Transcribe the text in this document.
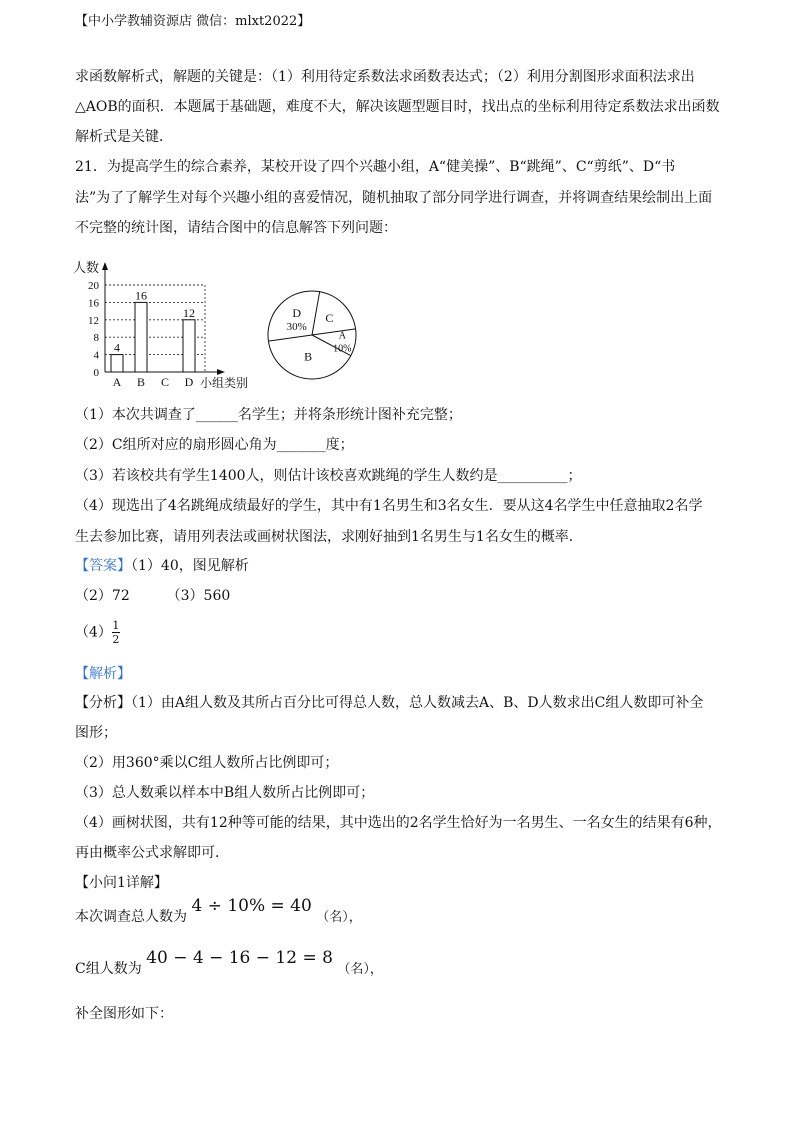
【中小学教辅资源店 微信：mlxt2022】
求函数解析式，解题的关键是：（1）利用待定系数法求函数表达式；（2）利用分割图形求面积法求出
△AOB的面积．本题属于基础题，难度不大，解决该题型题目时，找出点的坐标利用待定系数法求出函数
解析式是关键．
21．为提高学生的综合素养，某校开设了四个兴趣小组，A“健美操”、B“跳绳”、C“剪纸”、D“书
法”为了了解学生对每个兴趣小组的喜爱情况，随机抽取了部分同学进行调查，并将调查结果绘制出上面
不完整的统计图，请结合图中的信息解答下列问题：
人数
小组类别
0
4
8
12
16
20
A
4
B
16
C D
12	C
A
10%
B
D
30%
（1）本次共调查了______名学生；并将条形统计图补充完整；
（2）C组所对应的扇形圆心角为_______度；
（3）若该校共有学生1400人，则估计该校喜欢跳绳的学生人数约是__________；
（4）现选出了4名跳绳成绩最好的学生，其中有1名男生和3名女生．要从这4名学生中任意抽取2名学
生去参加比赛，请用列表法或画树状图法，求刚好抽到1名男生与1名女生的概率．
【答案】（1）40，图见解析
（2）72	（3）560
$(4) \frac{1}{2}$
【解析】
【分析】（1）由A组人数及其所占百分比可得总人数，总人数减去A、B、D人数求出C组人数即可补全
图形；
（2）用360°乘以C组人数所占比例即可；
（3）总人数乘以样本中B组人数所占比例即可；
（4）画树状图，共有12种等可能的结果，其中选出的2名学生恰好为一名男生、一名女生的结果有6种，
再由概率公式求解即可．
【小问1详解】
本次调查总人数为 4 ÷ 10% = 40 （名），
C组人数为 40 − 4 − 16 − 12 = 8 （名），
补全图形如下：
